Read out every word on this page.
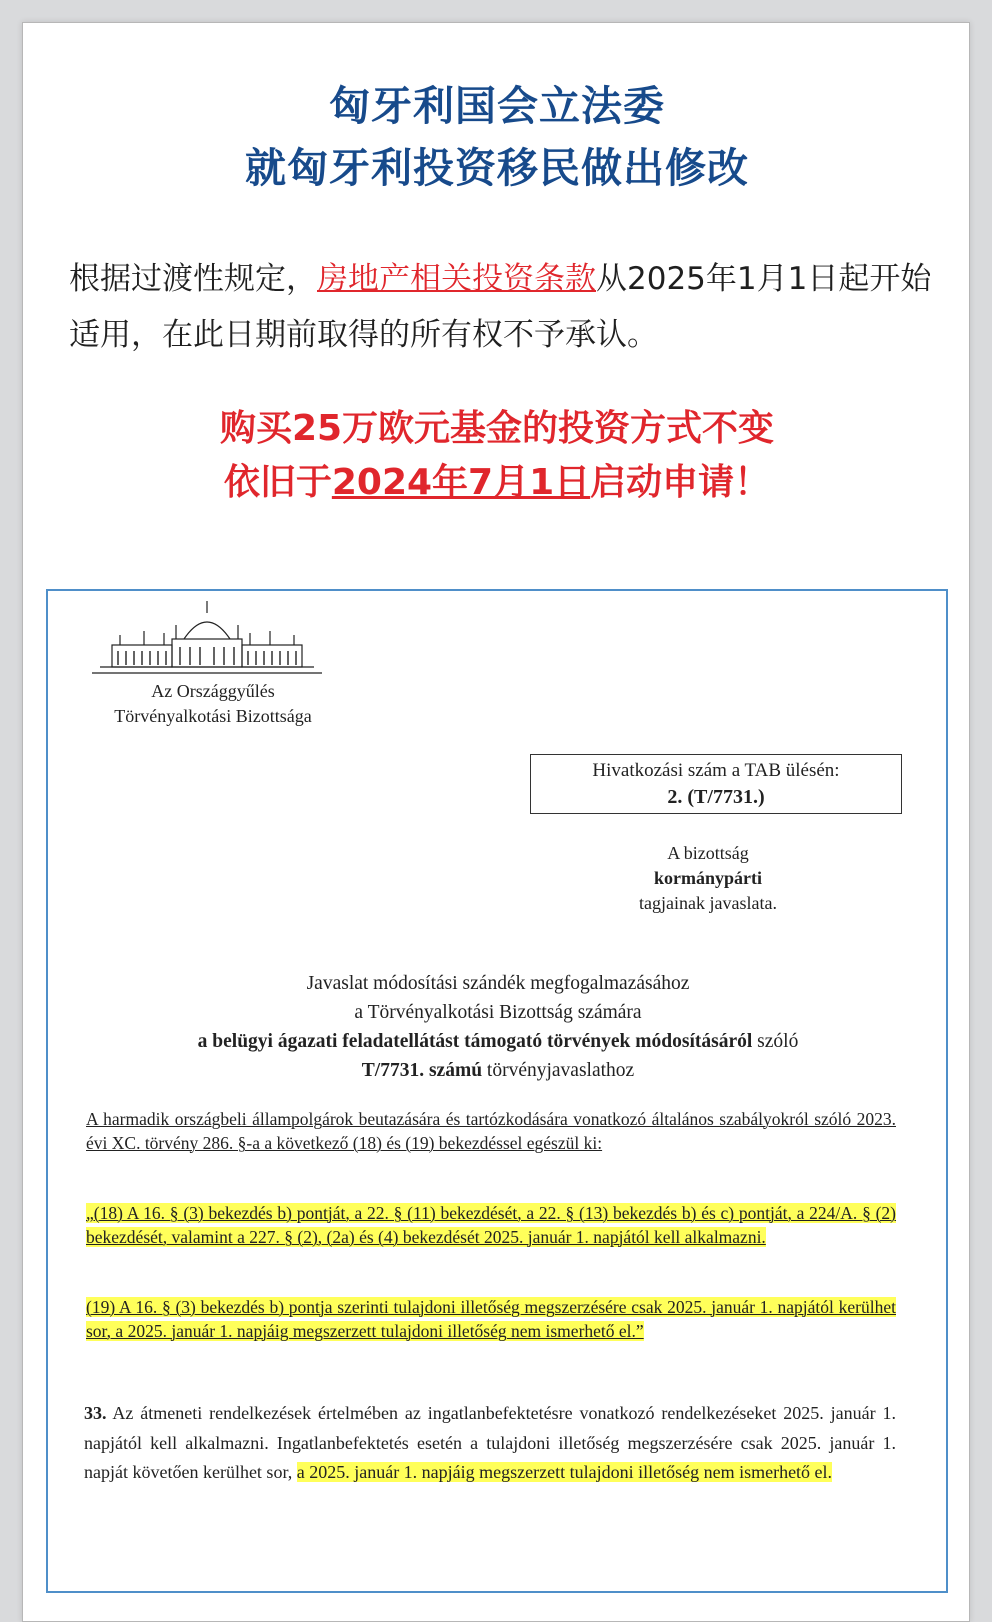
匈牙利国会立法委
就匈牙利投资移民做出修改
根据过渡性规定，房地产相关投资条款从2025年1月1日起开始适用，在此日期前取得的所有权不予承认。
购买25万欧元基金的投资方式不变
依旧于2024年7月1日启动申请！
Az Országgyűlés
Törvényalkotási Bizottsága
Hivatkozási szám a TAB ülésén:
2. (T/7731.)
A bizottság
kormánypárti
tagjainak javaslata.
Javaslat módosítási szándék megfogalmazásához
a Törvényalkotási Bizottság számára
a belügyi ágazati feladatellátást támogató törvények módosításáról szóló
T/7731. számú törvényjavaslathoz
A harmadik országbeli állampolgárok beutazására és tartózkodására vonatkozó általános szabályokról szóló 2023. évi XC. törvény 286. §-a a következő (18) és (19) bekezdéssel egészül ki:
„(18) A 16. § (3) bekezdés b) pontját, a 22. § (11) bekezdését, a 22. § (13) bekezdés b) és c) pontját, a 224/A. § (2) bekezdését, valamint a 227. § (2), (2a) és (4) bekezdését 2025. január 1. napjától kell alkalmazni.
(19) A 16. § (3) bekezdés b) pontja szerinti tulajdoni illetőség megszerzésére csak 2025. január 1. napjától kerülhet sor, a 2025. január 1. napjáig megszerzett tulajdoni illetőség nem ismerhető el.”
33. Az átmeneti rendelkezések értelmében az ingatlanbefektetésre vonatkozó rendelkezéseket 2025. január 1. napjától kell alkalmazni. Ingatlanbefektetés esetén a tulajdoni illetőség megszerzésére csak 2025. január 1. napját követően kerülhet sor, a 2025. január 1. napjáig megszerzett tulajdoni illetőség nem ismerhető el.
